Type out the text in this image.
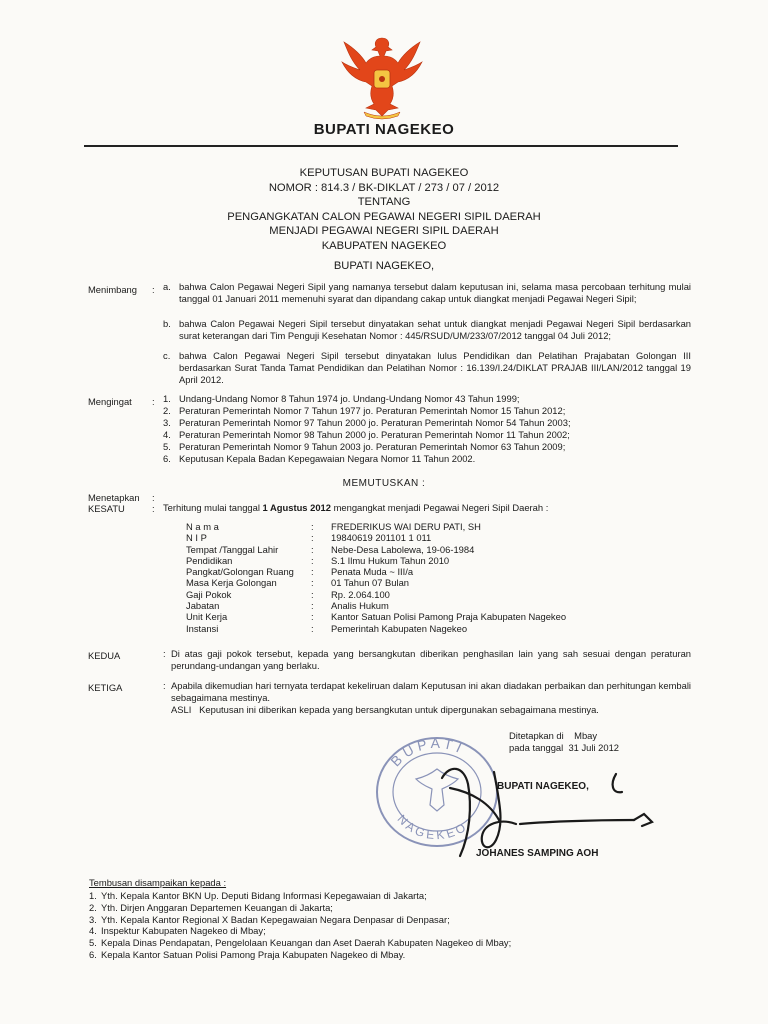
BUPATI NAGEKEO
KEPUTUSAN BUPATI NAGEKEO
NOMOR : 814.3 / BK-DIKLAT / 273 / 07 / 2012
TENTANG
PENGANGKATAN CALON PEGAWAI NEGERI SIPIL DAERAH
MENJADI PEGAWAI NEGERI SIPIL DAERAH
KABUPATEN NAGEKEO
BUPATI NAGEKEO,
Menimbang : a. bahwa Calon Pegawai Negeri Sipil yang namanya tersebut dalam keputusan ini, selama masa percobaan terhitung mulai tanggal 01 Januari 2011 memenuhi syarat dan dipandang cakap untuk diangkat menjadi Pegawai Negeri Sipil;
b. bahwa Calon Pegawai Negeri Sipil tersebut dinyatakan sehat untuk diangkat menjadi Pegawai Negeri Sipil berdasarkan surat keterangan dari Tim Penguji Kesehatan Nomor : 445/RSUD/UM/233/07/2012 tanggal 04 Juli 2012;
c. bahwa Calon Pegawai Negeri Sipil tersebut dinyatakan lulus Pendidikan dan Pelatihan Prajabatan Golongan III berdasarkan Surat Tanda Tamat Pendidikan dan Pelatihan Nomor : 16.139/I.24/DIKLAT PRAJAB III/LAN/2012 tanggal 19 April 2012.
Mengingat : 1. Undang-Undang Nomor 8 Tahun 1974 jo. Undang-Undang Nomor 43 Tahun 1999;
2. Peraturan Pemerintah Nomor 7 Tahun 1977 jo. Peraturan Pemerintah Nomor 15 Tahun 2012;
3. Peraturan Pemerintah Nomor 97 Tahun 2000 jo. Peraturan Pemerintah Nomor 54 Tahun 2003;
4. Peraturan Pemerintah Nomor 98 Tahun 2000 jo. Peraturan Pemerintah Nomor 11 Tahun 2002;
5. Peraturan Pemerintah Nomor 9 Tahun 2003 jo. Peraturan Pemerintah Nomor 63 Tahun 2009;
6. Keputusan Kepala Badan Kepegawaian Negara Nomor 11 Tahun 2002.
MEMUTUSKAN :
Menetapkan :
KESATU	: Terhitung mulai tanggal 1 Agustus 2012 mengangkat menjadi Pegawai Negeri Sipil Daerah :
N a m a	:	FREDERIKUS WAI DERU PATI, SH
N I P	:	19840619 201101 1 011
Tempat /Tanggal Lahir	:	Nebe-Desa Labolewa, 19-06-1984
Pendidikan	:	S.1 Ilmu Hukum Tahun 2010
Pangkat/Golongan Ruang	:	Penata Muda ~ III/a
Masa Kerja Golongan	:	01 Tahun 07 Bulan
Gaji Pokok	:	Rp. 2.064.100
Jabatan	:	Analis Hukum
Unit Kerja	:	Kantor Satuan Polisi Pamong Praja Kabupaten Nagekeo
Instansi	:	Pemerintah Kabupaten Nagekeo
KEDUA	: Di atas gaji pokok tersebut, kepada yang bersangkutan diberikan penghasilan lain yang sah sesuai dengan peraturan perundang-undangan yang berlaku.
KETIGA	: Apabila dikemudian hari ternyata terdapat kekeliruan dalam Keputusan ini akan diadakan perbaikan dan perhitungan kembali sebagaimana mestinya.
ASLI Keputusan ini diberikan kepada yang bersangkutan untuk dipergunakan sebagaimana mestinya.
Ditetapkan di Mbay
pada tanggal 31 Juli 2012
BUPATI
NAGEKEO
BUPATI NAGEKEO,
JOHANES SAMPING AOH
Tembusan disampaikan kepada :
1. Yth. Kepala Kantor BKN Up. Deputi Bidang Informasi Kepegawaian di Jakarta;
2. Yth. Dirjen Anggaran Departemen Keuangan di Jakarta;
3. Yth. Kepala Kantor Regional X Badan Kepegawaian Negara Denpasar di Denpasar;
4. Inspektur Kabupaten Nagekeo di Mbay;
5. Kepala Dinas Pendapatan, Pengelolaan Keuangan dan Aset Daerah Kabupaten Nagekeo di Mbay;
6. Kepala Kantor Satuan Polisi Pamong Praja Kabupaten Nagekeo di Mbay.
